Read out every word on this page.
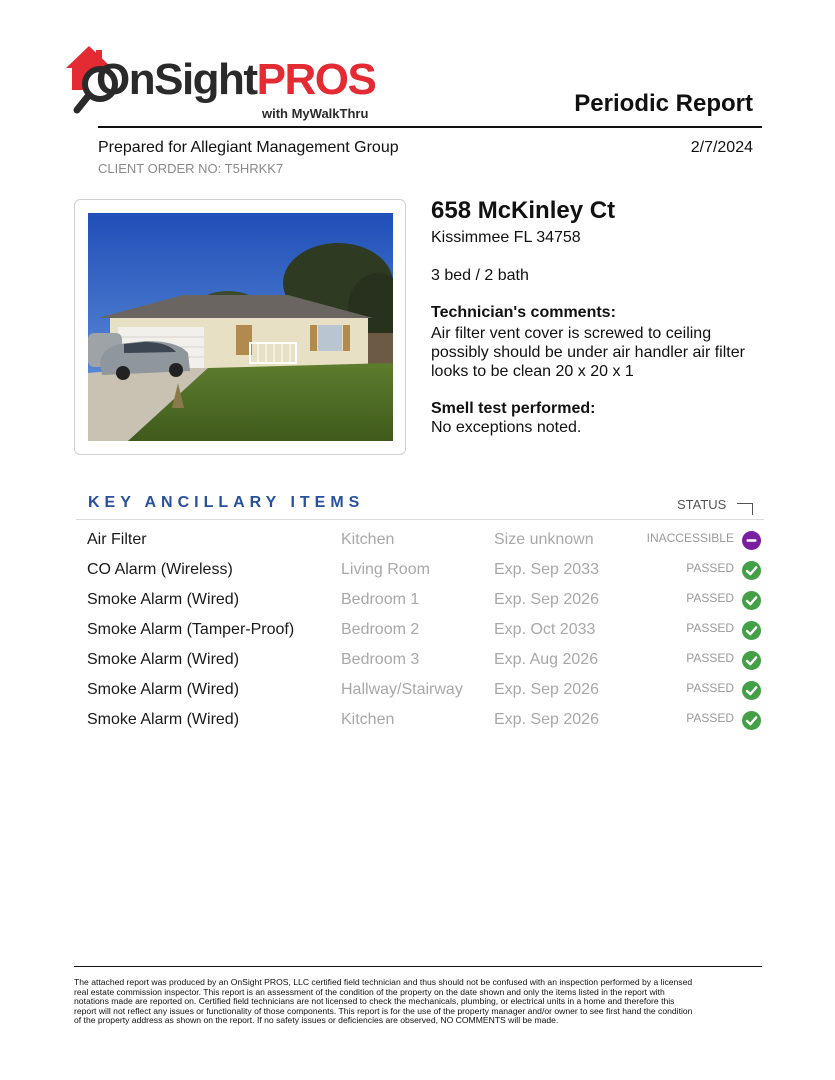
OnSightPROS
with MyWalkThru	Periodic Report
Prepared for Allegiant Management Group	2/7/2024
CLIENT ORDER NO: T5HRKK7
658 McKinley Ct
Kissimmee FL 34758
3 bed / 2 bath
Technician's comments:
Air filter vent cover is screwed to ceiling
possibly should be under air handler air filter
looks to be clean 20 x 20 x 1
Smell test performed:
No exceptions noted.
KEY ANCILLARY ITEMS	STATUS
Air Filter	Kitchen	Size unknown	INACCESSIBLE
CO Alarm (Wireless)	Living Room	Exp. Sep 2033	PASSED
Smoke Alarm (Wired)	Bedroom 1	Exp. Sep 2026	PASSED
Smoke Alarm (Tamper-Proof)	Bedroom 2	Exp. Oct 2033	PASSED
Smoke Alarm (Wired)	Bedroom 3	Exp. Aug 2026	PASSED
Smoke Alarm (Wired)	Hallway/Stairway Exp. Sep 2026	PASSED
Smoke Alarm (Wired)	Kitchen	Exp. Sep 2026	PASSED
The attached report was produced by an OnSight PROS, LLC certified field technician and thus should not be confused with an inspection performed by a licensed
real estate commission inspector. This report is an assessment of the condition of the property on the date shown and only the items listed in the report with
notations made are reported on. Certified field technicians are not licensed to check the mechanicals, plumbing, or electrical units in a home and therefore this
report will not reflect any issues or functionality of those components. This report is for the use of the property manager and/or owner to see first hand the condition
of the property address as shown on the report. If no safety issues or deficiencies are observed, NO COMMENTS will be made.
